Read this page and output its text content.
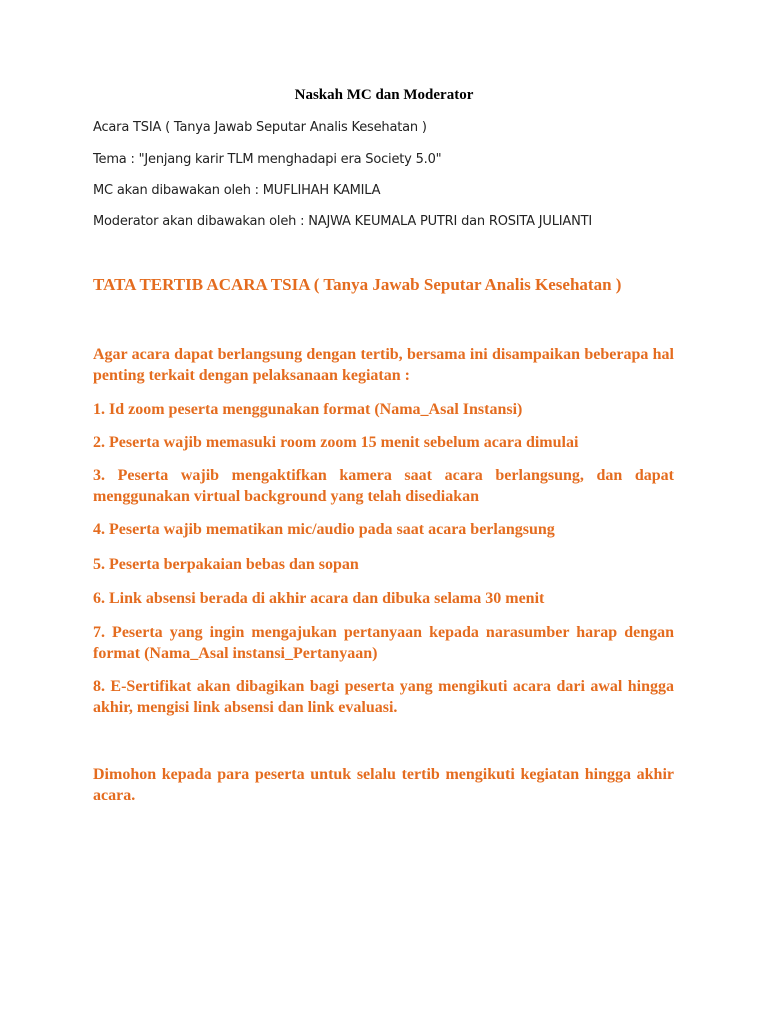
Naskah MC dan Moderator
Acara TSIA ( Tanya Jawab Seputar Analis Kesehatan )
Tema : "Jenjang karir TLM menghadapi era Society 5.0"
MC akan dibawakan oleh : MUFLIHAH KAMILA
Moderator akan dibawakan oleh : NAJWA KEUMALA PUTRI dan ROSITA JULIANTI
TATA TERTIB ACARA TSIA ( Tanya Jawab Seputar Analis Kesehatan )
Agar acara dapat berlangsung dengan tertib, bersama ini disampaikan beberapa hal penting terkait dengan pelaksanaan kegiatan :
1. Id zoom peserta menggunakan format (Nama_Asal Instansi)
2. Peserta wajib memasuki room zoom 15 menit sebelum acara dimulai
3. Peserta wajib mengaktifkan kamera saat acara berlangsung, dan dapat menggunakan virtual background yang telah disediakan
4. Peserta wajib mematikan mic/audio pada saat acara berlangsung
5. Peserta berpakaian bebas dan sopan
6. Link absensi berada di akhir acara dan dibuka selama 30 menit
7. Peserta yang ingin mengajukan pertanyaan kepada narasumber harap dengan format (Nama_Asal instansi_Pertanyaan)
8. E-Sertifikat akan dibagikan bagi peserta yang mengikuti acara dari awal hingga akhir, mengisi link absensi dan link evaluasi.
Dimohon kepada para peserta untuk selalu tertib mengikuti kegiatan hingga akhir acara.
